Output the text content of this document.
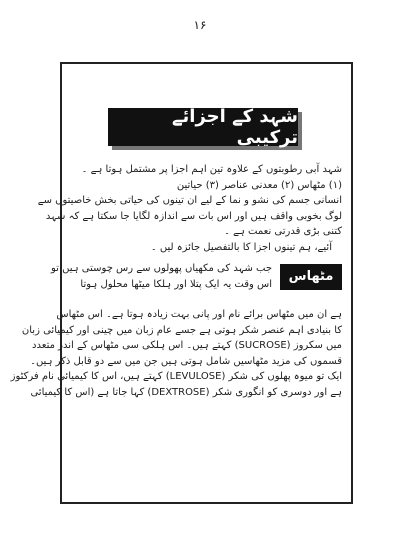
۱۶
شہد کے اجزائے ترکیبی
شہد آبی رطوبتوں کے علاوہ تین اہم اجزا پر مشتمل ہوتا ہے ۔
(۱) مٹھاس (۲) معدنی عناصر (۳) حیاتین
انسانی جسم کی نشو و نما کے لیے ان تینوں کی حیاتی بخش خاصیتوں سے
لوگ بخوبی واقف ہیں اور اس بات سے اندازہ لگایا جا سکتا ہے کہ شہد
کتنی بڑی قدرتی نعمت ہے ۔
آئیے، ہم تینوں اجزا کا بالتفصیل جائزہ لیں ۔
مٹھاس
جب شہد کی مکھیاں پھولوں سے رس چوستی ہیں تو
اس وقت یہ ایک پتلا اور ہلکا میٹھا محلول ہوتا
ہے ان میں مٹھاس برائے نام اور پانی بہت زیادہ ہوتا ہے۔ اس مٹھاس
کا بنیادی اہم عنصر شکر ہوتی ہے جسے عام زبان میں چینی اور کیمیائی زبان
میں سکروز (SUCROSE) کہتے ہیں۔ اس ہلکی سی مٹھاس کے اندر متعدد
قسموں کی مزید مٹھاسیں شامل ہوتی ہیں جن میں سے دو قابل ذکر ہیں۔
ایک تو میوہ پھلوں کی شکر (LEVULOSE) کہتے ہیں، اس کا کیمیائی نام فرکٹوز
ہے اور دوسری کو انگوری شکر (DEXTROSE) کہا جاتا ہے (اس کا کیمیائی
